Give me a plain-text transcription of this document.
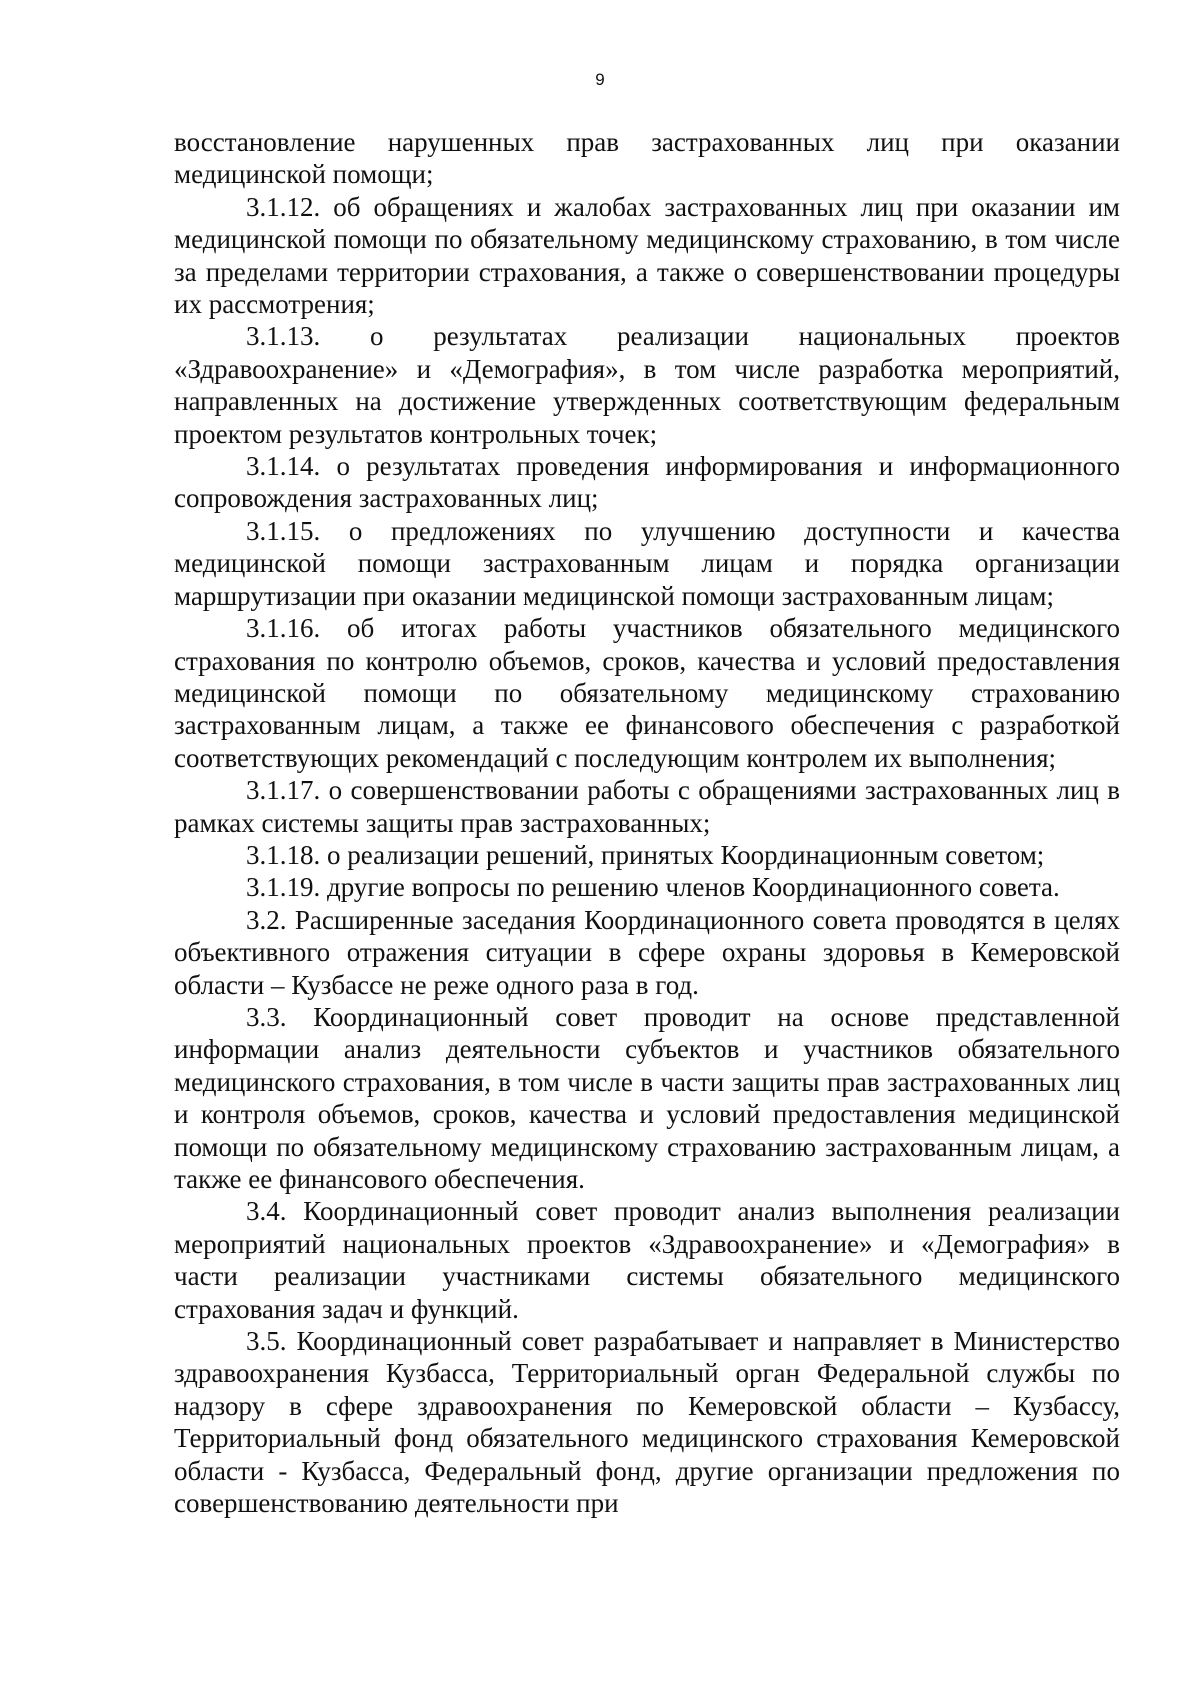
9

восстановление нарушенных прав застрахованных лиц при оказании медицинской помощи;

3.1.12. об обращениях и жалобах застрахованных лиц при оказании им медицинской помощи по обязательному медицинскому страхованию, в том числе за пределами территории страхования, а также о совершенствовании процедуры их рассмотрения;

3.1.13. о результатах реализации национальных проектов «Здравоохранение» и «Демография», в том числе разработка мероприятий, направленных на достижение утвержденных соответствующим федеральным проектом результатов контрольных точек;

3.1.14. о результатах проведения информирования и информационного сопровождения застрахованных лиц;

3.1.15. о предложениях по улучшению доступности и качества медицинской помощи застрахованным лицам и порядка организации маршрутизации при оказании медицинской помощи застрахованным лицам;

3.1.16. об итогах работы участников обязательного медицинского страхования по контролю объемов, сроков, качества и условий предоставления медицинской помощи по обязательному медицинскому страхованию застрахованным лицам, а также ее финансового обеспечения с разработкой соответствующих рекомендаций с последующим контролем их выполнения;

3.1.17. о совершенствовании работы с обращениями застрахованных лиц в рамках системы защиты прав застрахованных;

3.1.18. о реализации решений, принятых Координационным советом;

3.1.19. другие вопросы по решению членов Координационного совета.

3.2. Расширенные заседания Координационного совета проводятся в целях объективного отражения ситуации в сфере охраны здоровья в Кемеровской области – Кузбассе не реже одного раза в год.

3.3. Координационный совет проводит на основе представленной информации анализ деятельности субъектов и участников обязательного медицинского страхования, в том числе в части защиты прав застрахованных лиц и контроля объемов, сроков, качества и условий предоставления медицинской помощи по обязательному медицинскому страхованию застрахованным лицам, а также ее финансового обеспечения.

3.4. Координационный совет проводит анализ выполнения реализации мероприятий национальных проектов «Здравоохранение» и «Демография» в части реализации участниками системы обязательного медицинского страхования задач и функций.

3.5. Координационный совет разрабатывает и направляет в Министерство здравоохранения Кузбасса, Территориальный орган Федеральной службы по надзору в сфере здравоохранения по Кемеровской области – Кузбассу, Территориальный фонд обязательного медицинского страхования Кемеровской области - Кузбасса, Федеральный фонд, другие организации предложения по совершенствованию деятельности при
